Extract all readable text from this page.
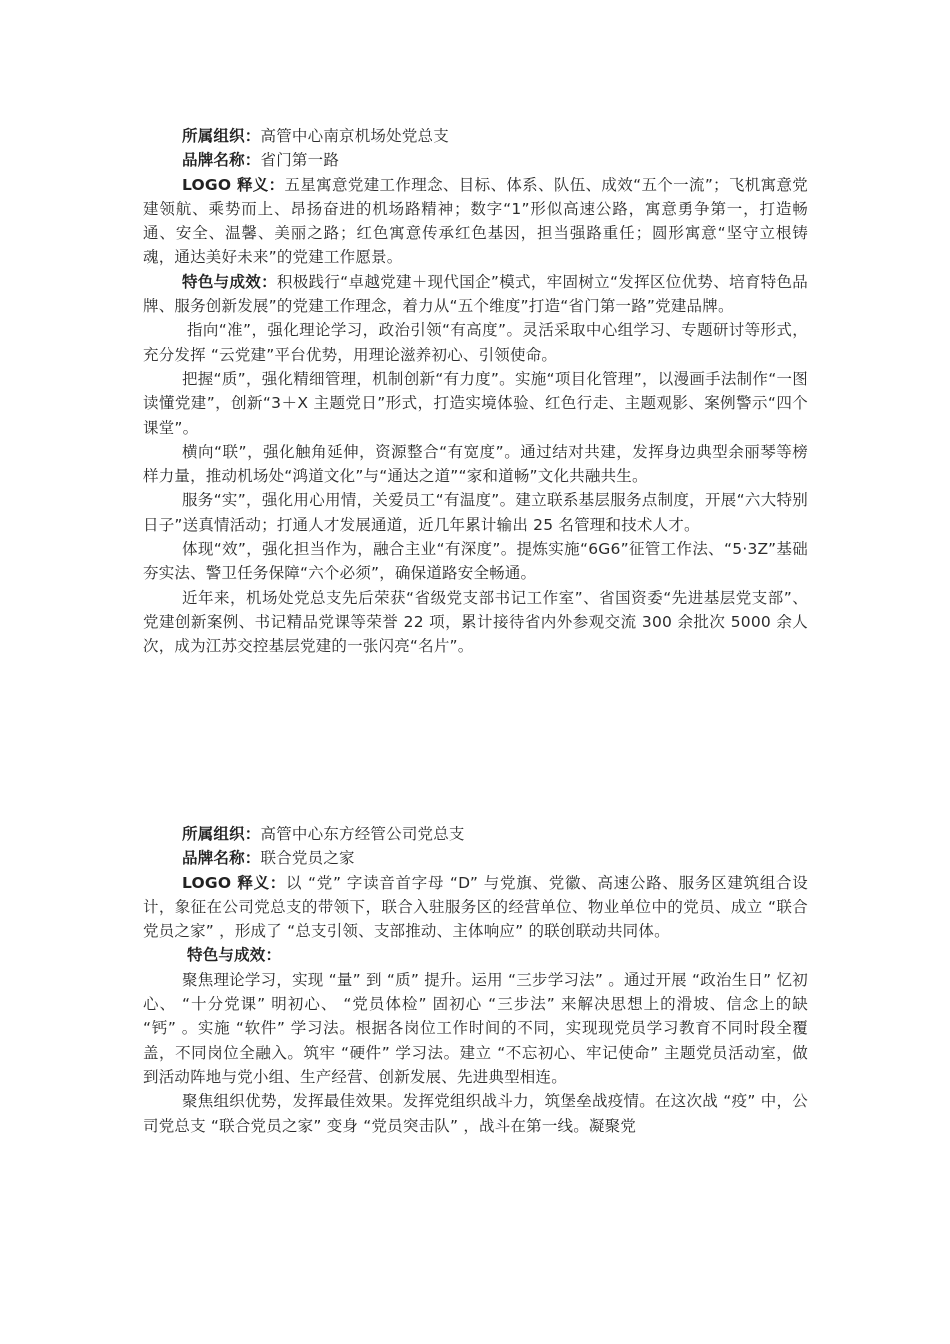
所属组织：高管中心南京机场处党总支

品牌名称：省门第一路

LOGO 释义：五星寓意党建工作理念、目标、体系、队伍、成效“五个一流”；飞机寓意党建领航、乘势而上、昂扬奋进的机场路精神；数字“1”形似高速公路，寓意勇争第一，打造畅通、安全、温馨、美丽之路；红色寓意传承红色基因，担当强路重任；圆形寓意“坚守立根铸魂，通达美好未来”的党建工作愿景。

特色与成效：积极践行“卓越党建＋现代国企”模式，牢固树立“发挥区位优势、培育特色品牌、服务创新发展”的党建工作理念，着力从“五个维度”打造“省门第一路”党建品牌。

指向“准”，强化理论学习，政治引领“有高度”。灵活采取中心组学习、专题研讨等形式，充分发挥 “云党建”平台优势，用理论滋养初心、引领使命。

把握“质”，强化精细管理，机制创新“有力度”。实施“项目化管理”，以漫画手法制作“一图读懂党建”，创新“3＋X 主题党日”形式，打造实境体验、红色行走、主题观影、案例警示“四个课堂”。

横向“联”，强化触角延伸，资源整合“有宽度”。通过结对共建，发挥身边典型余丽琴等榜样力量，推动机场处“鸿道文化”与“通达之道”“家和道畅”文化共融共生。

服务“实”，强化用心用情，关爱员工“有温度”。建立联系基层服务点制度，开展“六大特别日子”送真情活动；打通人才发展通道，近几年累计输出 25 名管理和技术人才。

体现“效”，强化担当作为，融合主业“有深度”。提炼实施“6G6”征管工作法、“5·3Z”基础夯实法、警卫任务保障“六个必须”，确保道路安全畅通。

近年来，机场处党总支先后荣获“省级党支部书记工作室”、省国资委“先进基层党支部”、党建创新案例、书记精品党课等荣誉 22 项，累计接待省内外参观交流 300 余批次 5000 余人次，成为江苏交控基层党建的一张闪亮“名片”。

所属组织：高管中心东方经管公司党总支

品牌名称：联合党员之家

LOGO 释义：以 “党” 字读音首字母 “D” 与党旗、党徽、高速公路、服务区建筑组合设计，象征在公司党总支的带领下，联合入驻服务区的经营单位、物业单位中的党员、成立 “联合党员之家” ，形成了 “总支引领、支部推动、主体响应” 的联创联动共同体。

特色与成效：

聚焦理论学习，实现 “量” 到 “质” 提升。运用 “三步学习法” 。通过开展 “政治生日” 忆初心、 “十分党课” 明初心、 “党员体检” 固初心 “三步法” 来解决思想上的滑坡、信念上的缺 “钙” 。实施 “软件” 学习法。根据各岗位工作时间的不同，实现现党员学习教育不同时段全覆盖，不同岗位全融入。筑牢 “硬件” 学习法。建立 “不忘初心、牢记使命” 主题党员活动室，做到活动阵地与党小组、生产经营、创新发展、先进典型相连。

聚焦组织优势，发挥最佳效果。发挥党组织战斗力，筑堡垒战疫情。在这次战 “疫” 中，公司党总支 “联合党员之家” 变身 “党员突击队” ，战斗在第一线。凝聚党
